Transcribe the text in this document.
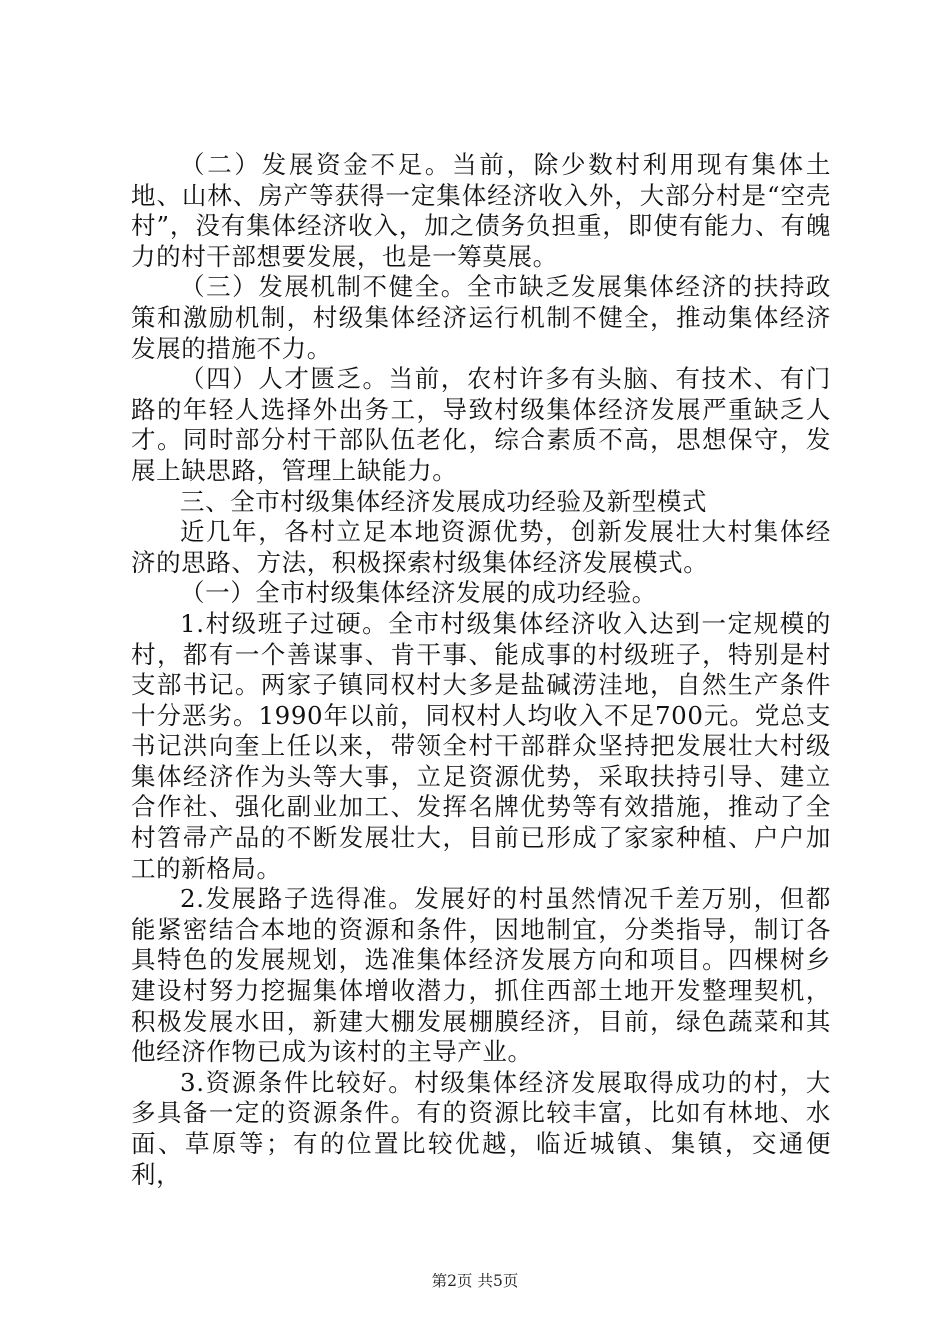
（二）发展资金不足。当前，除少数村利用现有集体土地、山林、房产等获得一定集体经济收入外，大部分村是“空壳村”，没有集体经济收入，加之债务负担重，即使有能力、有魄力的村干部想要发展，也是一筹莫展。

（三）发展机制不健全。全市缺乏发展集体经济的扶持政策和激励机制，村级集体经济运行机制不健全，推动集体经济发展的措施不力。

（四）人才匮乏。当前，农村许多有头脑、有技术、有门路的年轻人选择外出务工，导致村级集体经济发展严重缺乏人才。同时部分村干部队伍老化，综合素质不高，思想保守，发展上缺思路，管理上缺能力。

三、全市村级集体经济发展成功经验及新型模式

近几年，各村立足本地资源优势，创新发展壮大村集体经济的思路、方法，积极探索村级集体经济发展模式。

（一）全市村级集体经济发展的成功经验。

1.村级班子过硬。全市村级集体经济收入达到一定规模的村，都有一个善谋事、肯干事、能成事的村级班子，特别是村支部书记。两家子镇同权村大多是盐碱涝洼地，自然生产条件十分恶劣。1990年以前，同权村人均收入不足700元。党总支书记洪向奎上任以来，带领全村干部群众坚持把发展壮大村级集体经济作为头等大事，立足资源优势，采取扶持引导、建立合作社、强化副业加工、发挥名牌优势等有效措施，推动了全村笤帚产品的不断发展壮大，目前已形成了家家种植、户户加工的新格局。

2.发展路子选得准。发展好的村虽然情况千差万别，但都能紧密结合本地的资源和条件，因地制宜，分类指导，制订各具特色的发展规划，选准集体经济发展方向和项目。四棵树乡建设村努力挖掘集体增收潜力，抓住西部土地开发整理契机，积极发展水田，新建大棚发展棚膜经济，目前，绿色蔬菜和其他经济作物已成为该村的主导产业。

3.资源条件比较好。村级集体经济发展取得成功的村，大多具备一定的资源条件。有的资源比较丰富，比如有林地、水面、草原等；有的位置比较优越，临近城镇、集镇，交通便利，

第2页 共5页
